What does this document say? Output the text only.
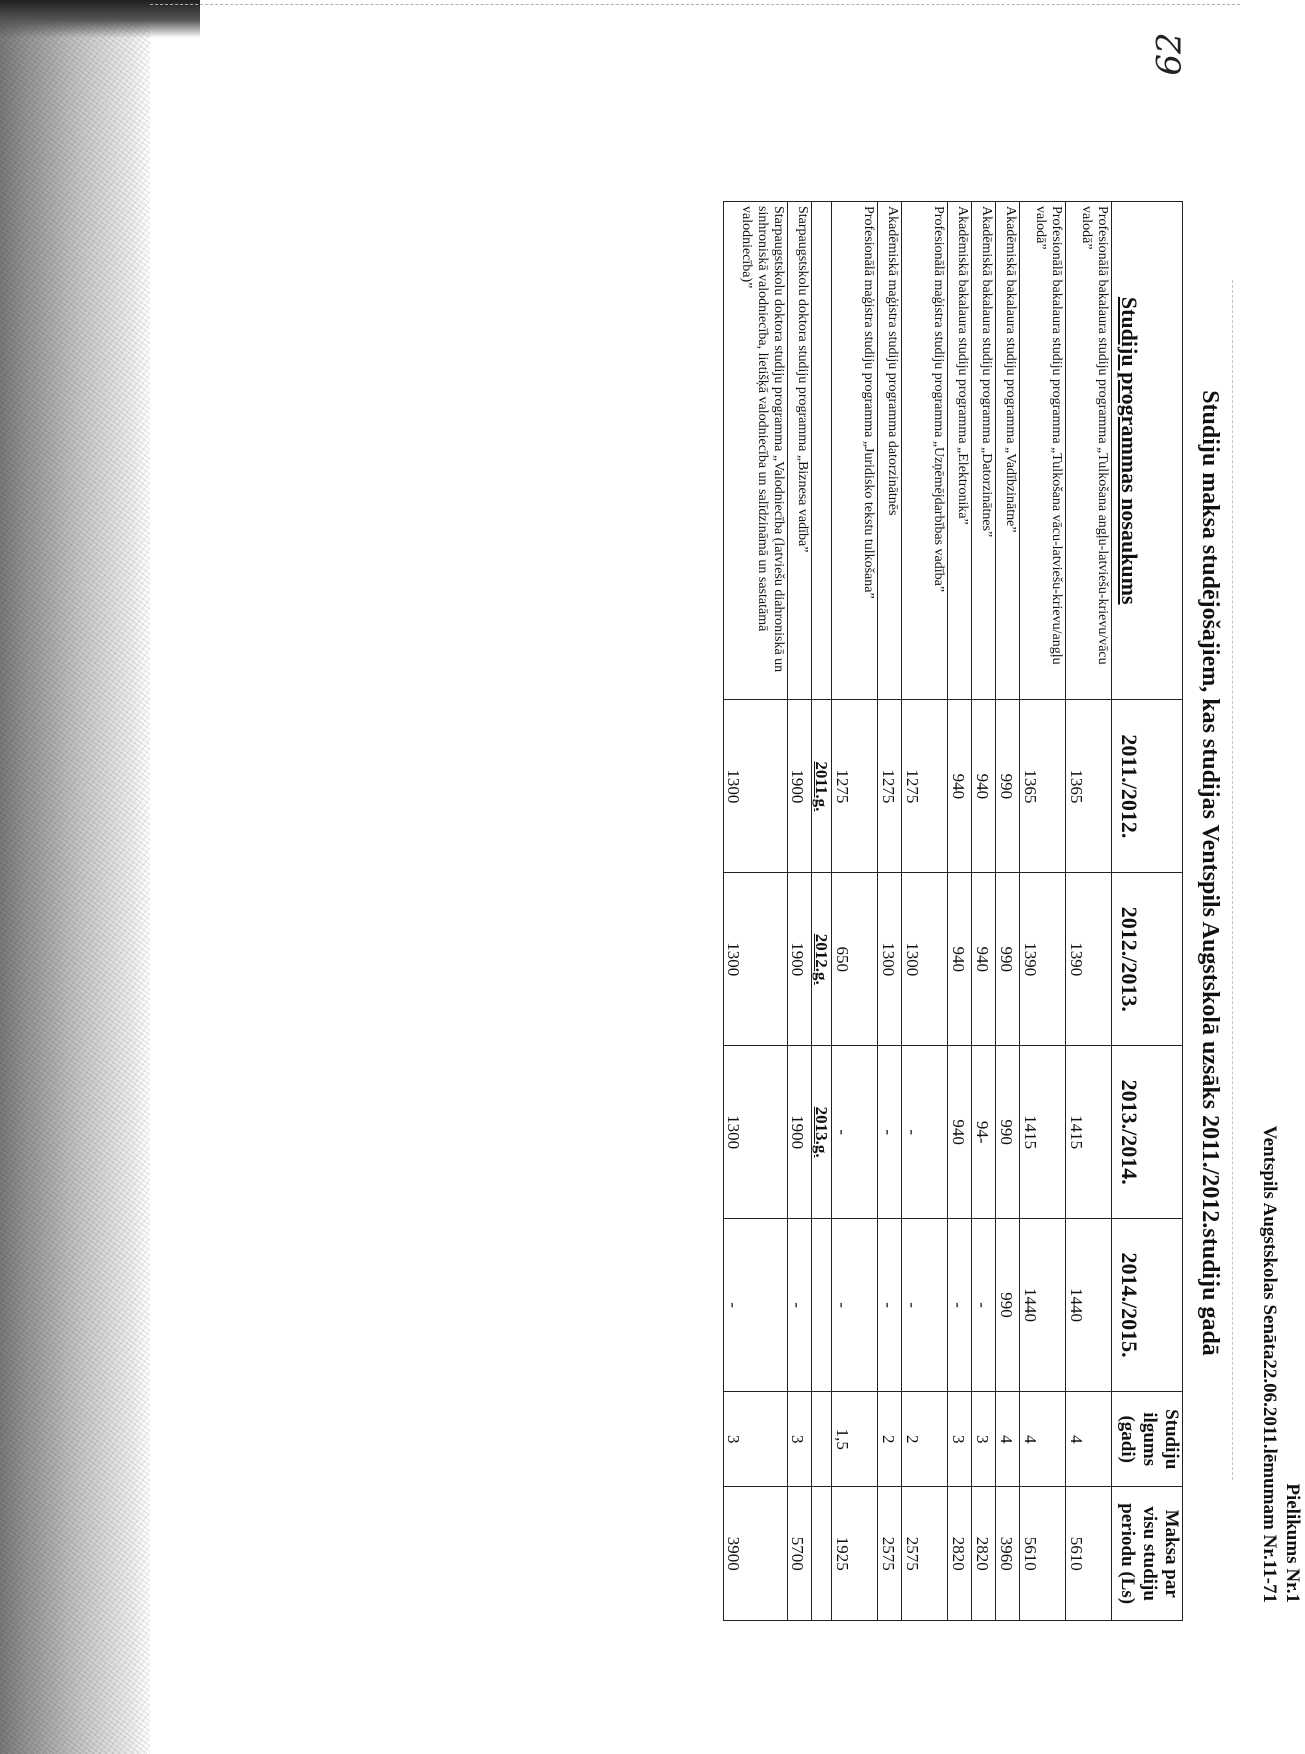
62
Pielikums Nr.1
Ventspils Augstskolas Senāta22.06.2011.lēmumam Nr.11-71
Studiju maksa studējošajiem, kas studijas Ventspils Augstskolā uzsāks 2011./2012.studiju gadā
Studiju programmas nosaukums	2011./2012.	2012./2013.	2013./2014.	2014./2015.	Studiju ilgums (gadi)	Maksa par visu studiju periodu (Ls)
Profesionālā bakalaura studiju programma „Tulkošana angļu-latviešu-krievu/vācu valodā”	1365	1390	1415	1440	4	5610
Profesionālā bakalaura studiju programma „Tulkošana vācu-latviešu-krievu/angļu valodā”	1365	1390	1415	1440	4	5610
Akadēmiskā bakalaura studiju programma „Vadībzinātne”	990	990	990	990	4	3960
Akadēmiskā bakalaura studiju programma „Datorzinātnes”	940	940	94-	-	3	2820
Akadēmiskā bakalaura studiju programma „Elektronika”	940	940	940	-	3	2820
Profesionālā maģistra studiju programma „Uzņēmējdarbības vadība”	1275	1300	-	-	2	2575
Akadēmiskā maģistra studiju programma datorzinātnēs	1275	1300	-	-	2	2575
Profesionālā maģistra studiju programma „Juridisko tekstu tulkošana”	1275	650	-	-	1,5	1925
	2011.g.	2012.g.	2013.g.			
Starpaugstskolu doktora studiju programma „Biznesa vadība”	1900	1900	1900	-	3	5700
Starpaugstskolu doktora studiju programma „Valodniecība (latviešu diahroniskā un sinhroniskā valodniecība, lietišķā valodniecība un salīdzināmā un sastatāmā valodniecība)”	1300	1300	1300	-	3	3900
